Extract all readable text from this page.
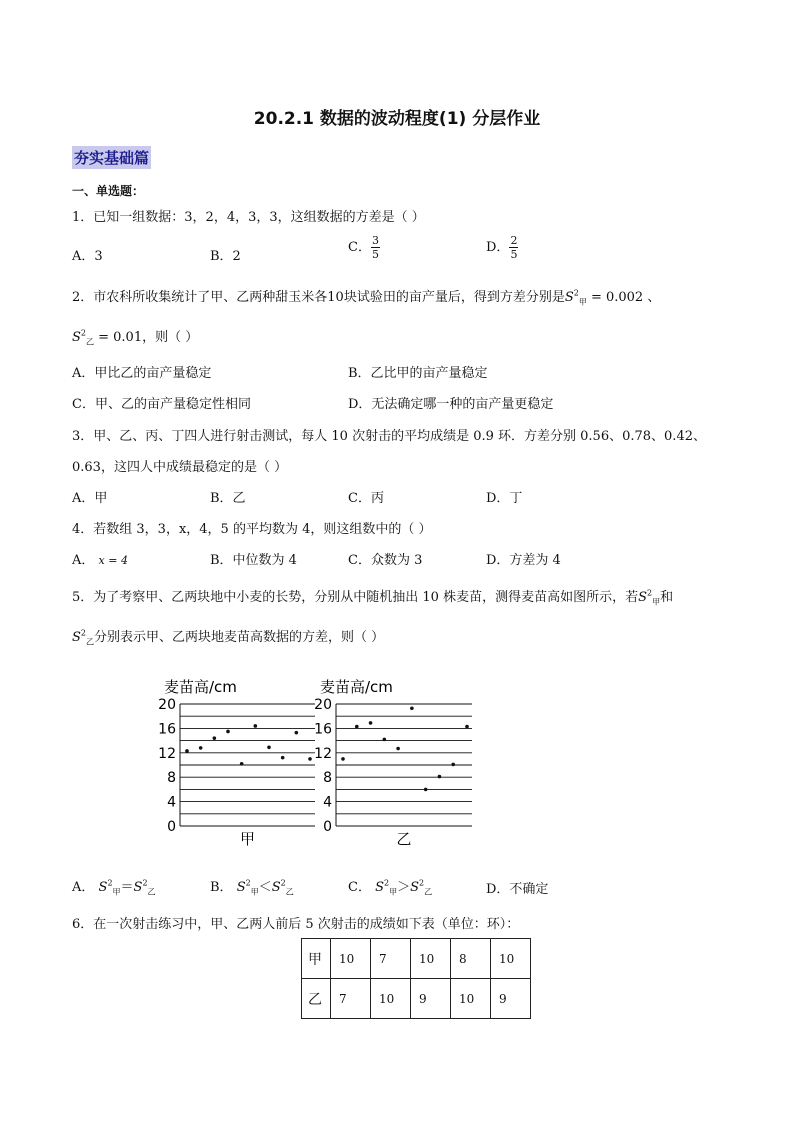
20.2.1 数据的波动程度(1) 分层作业
夯实基础篇
一、单选题：
1．已知一组数据：3，2，4，3，3，这组数据的方差是（ ）
A．3	B．2
C． $\frac{3}{5}$	D． $\frac{2}{5}$
2．市农科所收集统计了甲、乙两种甜玉米各10块试验田的亩产量后，得到方差分别是$S^2_甲 = 0.002$ 、
$S^2_乙 = 0.01$，则（ ）
A．甲比乙的亩产量稳定	B．乙比甲的亩产量稳定
C．甲、乙的亩产量稳定性相同	D．无法确定哪一种的亩产量更稳定
3．甲、乙、丙、丁四人进行射击测试，每人 10 次射击的平均成绩是 0.9 环．方差分别 0.56、0.78、0.42、
0.63，这四人中成绩最稳定的是（ ）
A．甲	B．乙	C．丙	D．丁
4．若数组 3，3，x，4，5 的平均数为 4，则这组数中的（ ）
A． x = 4	B．中位数为 4	C．众数为 3	D．方差为 4
5．为了考察甲、乙两块地中小麦的长势，分别从中随机抽出 10 株麦苗，测得麦苗高如图所示，若$S^2_甲$和
$S^2_乙$分别表示甲、乙两块地麦苗高数据的方差，则（ ）
0
4
8
12
16
20
麦苗高/cm
甲
0
4
8
12
16
20
麦苗高/cm
乙
A． $S^2_甲=S^2_乙$	B． $S^2_甲<S^2_乙$	C． $S^2_甲>S^2_乙$	D．不确定
6．在一次射击练习中，甲、乙两人前后 5 次射击的成绩如下表（单位：环）：
甲	10	7	10	8	10
乙	7	10	9	10	9
